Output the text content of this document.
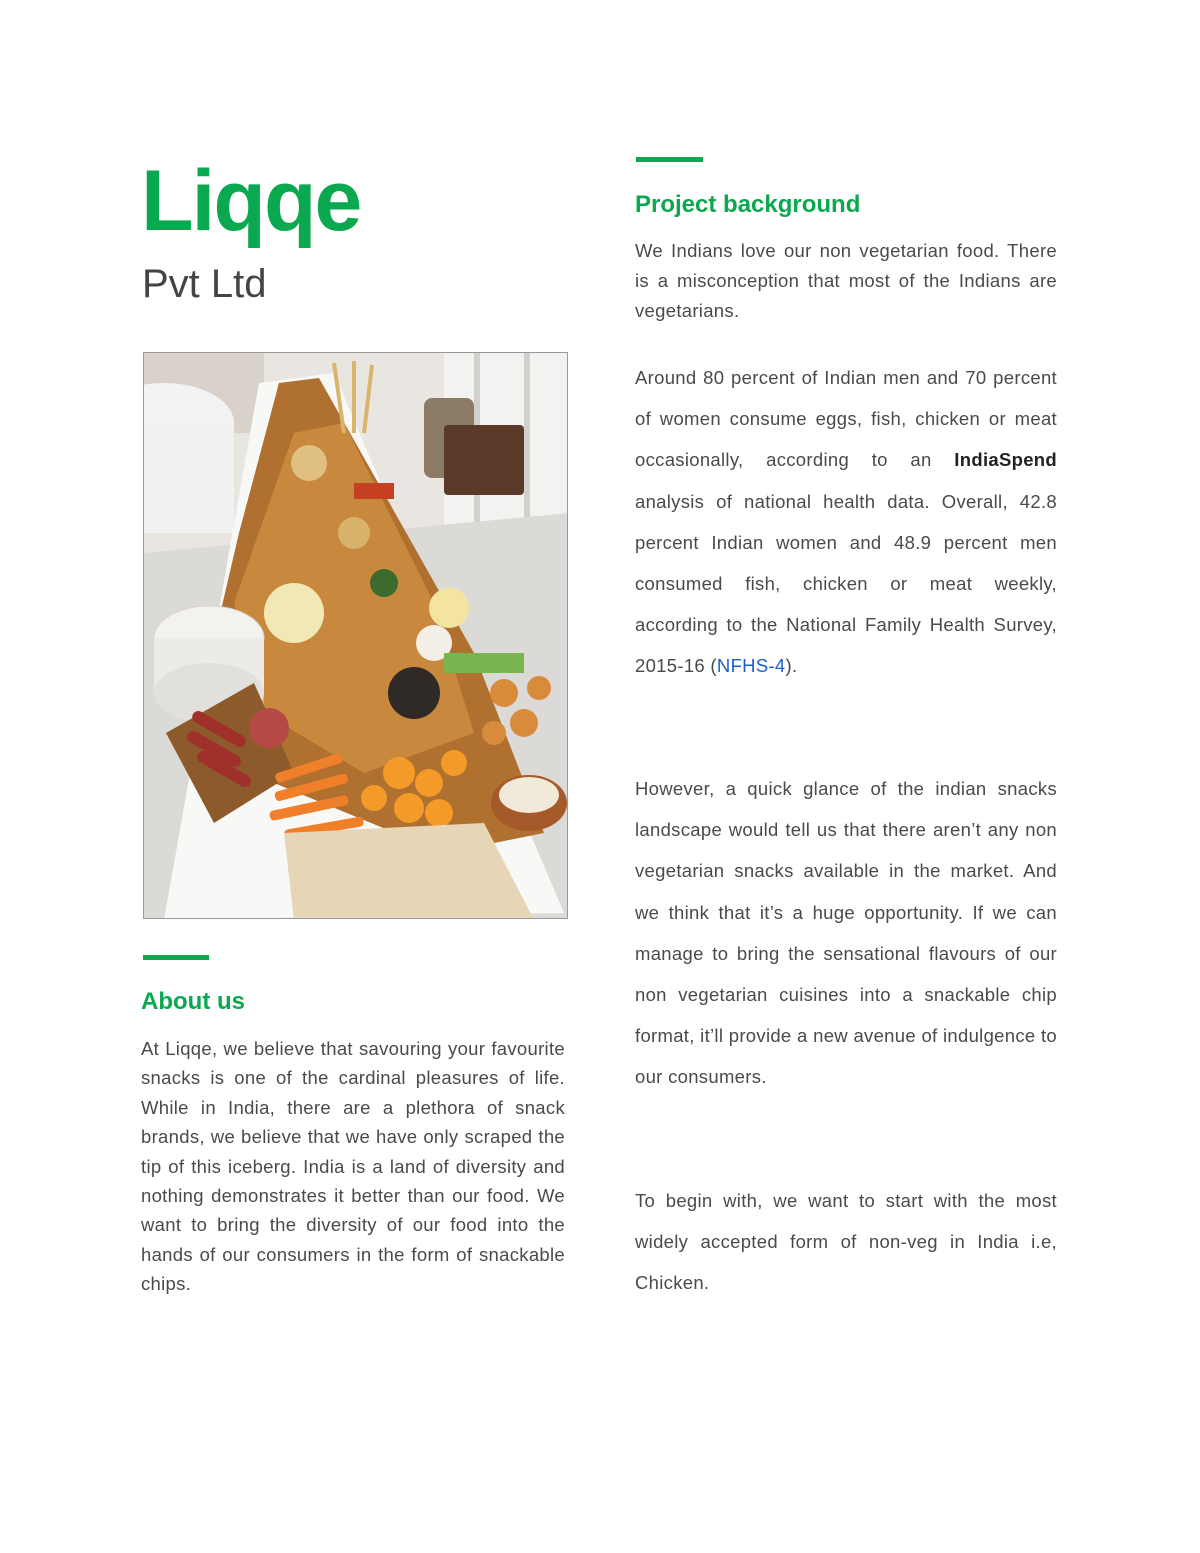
Liqqe
Pvt Ltd
About us

At Liqqe, we believe that savouring your favourite snacks is one of the cardinal pleasures of life. While in India, there are a plethora of snack brands, we believe that we have only scraped the tip of this iceberg. India is a land of diversity and nothing demonstrates it better than our food. We want to bring the diversity of our food into the hands of our consumers in the form of snackable chips.

Project background

We Indians love our non vegetarian food. There is a misconception that most of the Indians are vegetarians.

Around 80 percent of Indian men and 70 percent of women consume eggs, fish, chicken or meat occasionally, according to an IndiaSpend analysis of national health data. Overall, 42.8 percent Indian women and 48.9 percent men consumed fish, chicken or meat weekly, according to the National Family Health Survey, 2015-16 (NFHS-4).

However, a quick glance of the indian snacks landscape would tell us that there aren’t any non vegetarian snacks available in the market. And we think that it’s a huge opportunity. If we can manage to bring the sensational flavours of our non vegetarian cuisines into a snackable chip format, it’ll provide a new avenue of indulgence to our consumers.

To begin with, we want to start with the most widely accepted form of non-veg in India i.e, Chicken.
